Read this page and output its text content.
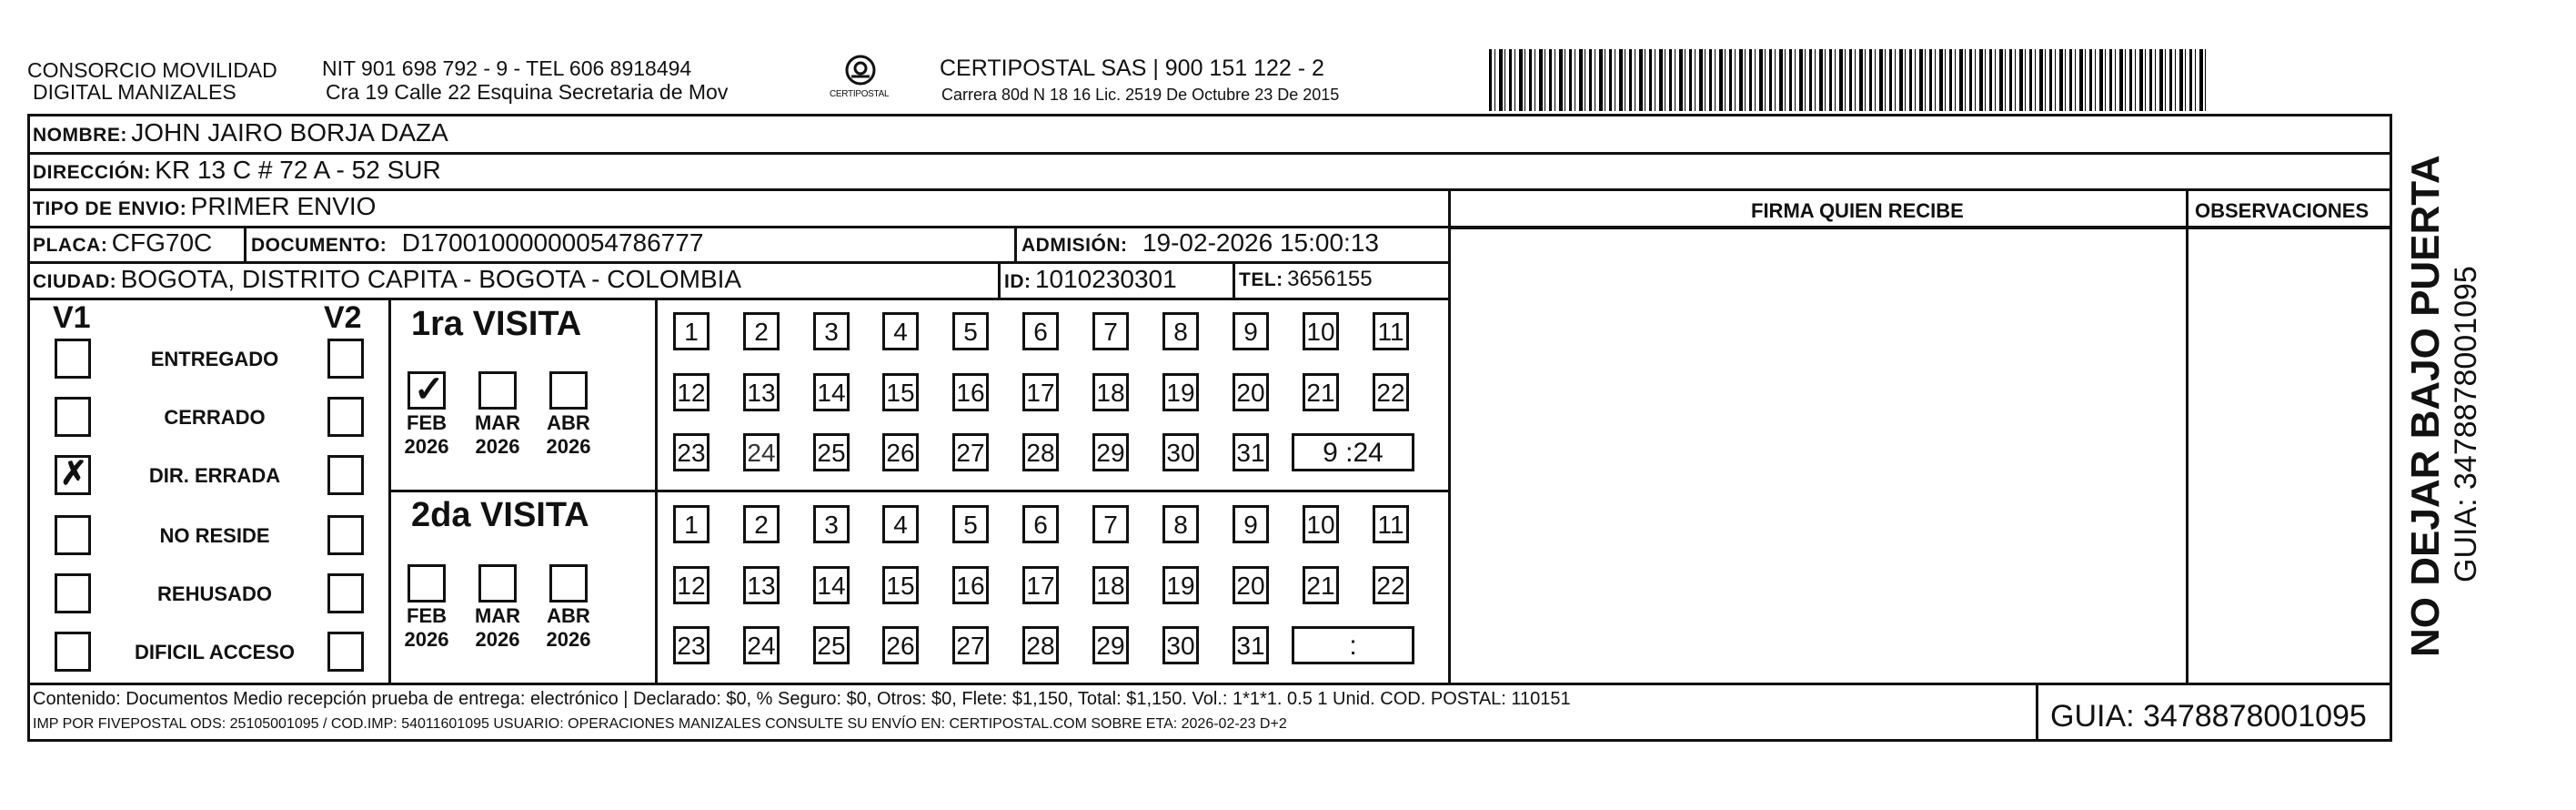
CONSORCIO MOVILIDAD
DIGITAL MANIZALES
NIT 901 698 792 - 9 - TEL 606 8918494
Cra 19 Calle 22 Esquina Secretaria de Mov	CERTIPOSTAL
CERTIPOSTAL SAS | 900 151 122 - 2
Carrera 80d N 18 16 Lic. 2519 De Octubre 23 De 2015
NOMBRE: JOHN JAIRO BORJA DAZA
DIRECCIÓN: KR 13 C # 72 A - 52 SUR
TIPO DE ENVIO: PRIMER ENVIO
PLACA: CFG70C DOCUMENTO: D17001000000054786777	ADMISIÓN: 19-02-2026 15:00:13
CIUDAD: BOGOTA, DISTRITO CAPITA - BOGOTA - COLOMBIA	ID: 1010230301	TEL: 3656155
FIRMA QUIEN RECIBE	OBSERVACIONES
V1	V2
ENTREGADO
CERRADO
✗
DIR. ERRADA
NO RESIDE
REHUSADO
DIFICIL ACCESO
1ra VISITA
✓
FEB
2026
MAR
2026
ABR
2026
1	2	3	4	5	6	7	8	9	10 11
12 13 14 15 16 17 18 19 20 21 22
23 24 25 26 27 28 29 30 31	9 :24
2da VISITA
FEB
2026
MAR
2026
ABR
2026
1	2	3	4	5	6	7	8	9	10 11
12 13 14 15 16 17 18 19 20 21 22
23 24 25 26 27 28 29 30 31	:
Contenido: Documentos Medio recepción prueba de entrega: electrónico | Declarado: $0, % Seguro: $0, Otros: $0, Flete: $1,150, Total: $1,150. Vol.: 1*1*1. 0.5 1 Unid. COD. POSTAL: 110151
IMP POR FIVEPOSTAL ODS: 25105001095 / COD.IMP: 54011601095 USUARIO: OPERACIONES MANIZALES CONSULTE SU ENVÍO EN: CERTIPOSTAL.COM SOBRE ETA: 2026-02-23 D+2	GUIA: 3478878001095
NO DEJAR BAJO PUERTA GUIA: 3478878001095
